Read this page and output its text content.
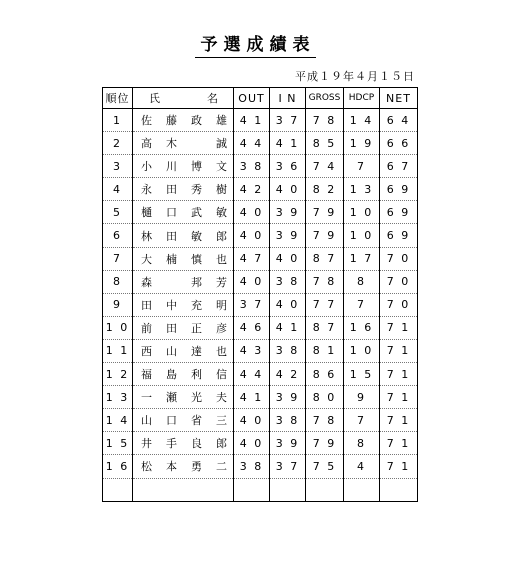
予選成績表
平成１９年４月１５日
順位	氏 名	OUT	I N	GROSS	HDCP	NET
1	佐 藤 政 雄	4 1	3 7	7 8	1 4	6 4
2	高 木 誠	4 4	4 1	8 5	1 9	6 6
3	小 川 博 文	3 8	3 6	7 4	7	6 7
4	永 田 秀 樹	4 2	4 0	8 2	1 3	6 9
5	樋 口 武 敏	4 0	3 9	7 9	1 0	6 9
6	林 田 敏 郎	4 0	3 9	7 9	1 0	6 9
7	大 楠 慎 也	4 7	4 0	8 7	1 7	7 0
8	森 邦 芳	4 0	3 8	7 8	8	7 0
9	田 中 充 明	3 7	4 0	7 7	7	7 0
1 0	前 田 正 彦	4 6	4 1	8 7	1 6	7 1
1 1	西 山 達 也	4 3	3 8	8 1	1 0	7 1
1 2	福 島 利 信	4 4	4 2	8 6	1 5	7 1
1 3	一 瀬 光 夫	4 1	3 9	8 0	9	7 1
1 4	山 口 省 三	4 0	3 8	7 8	7	7 1
1 5	井 手 良 郎	4 0	3 9	7 9	8	7 1
1 6	松 本 勇 二	3 8	3 7	7 5	4	7 1
